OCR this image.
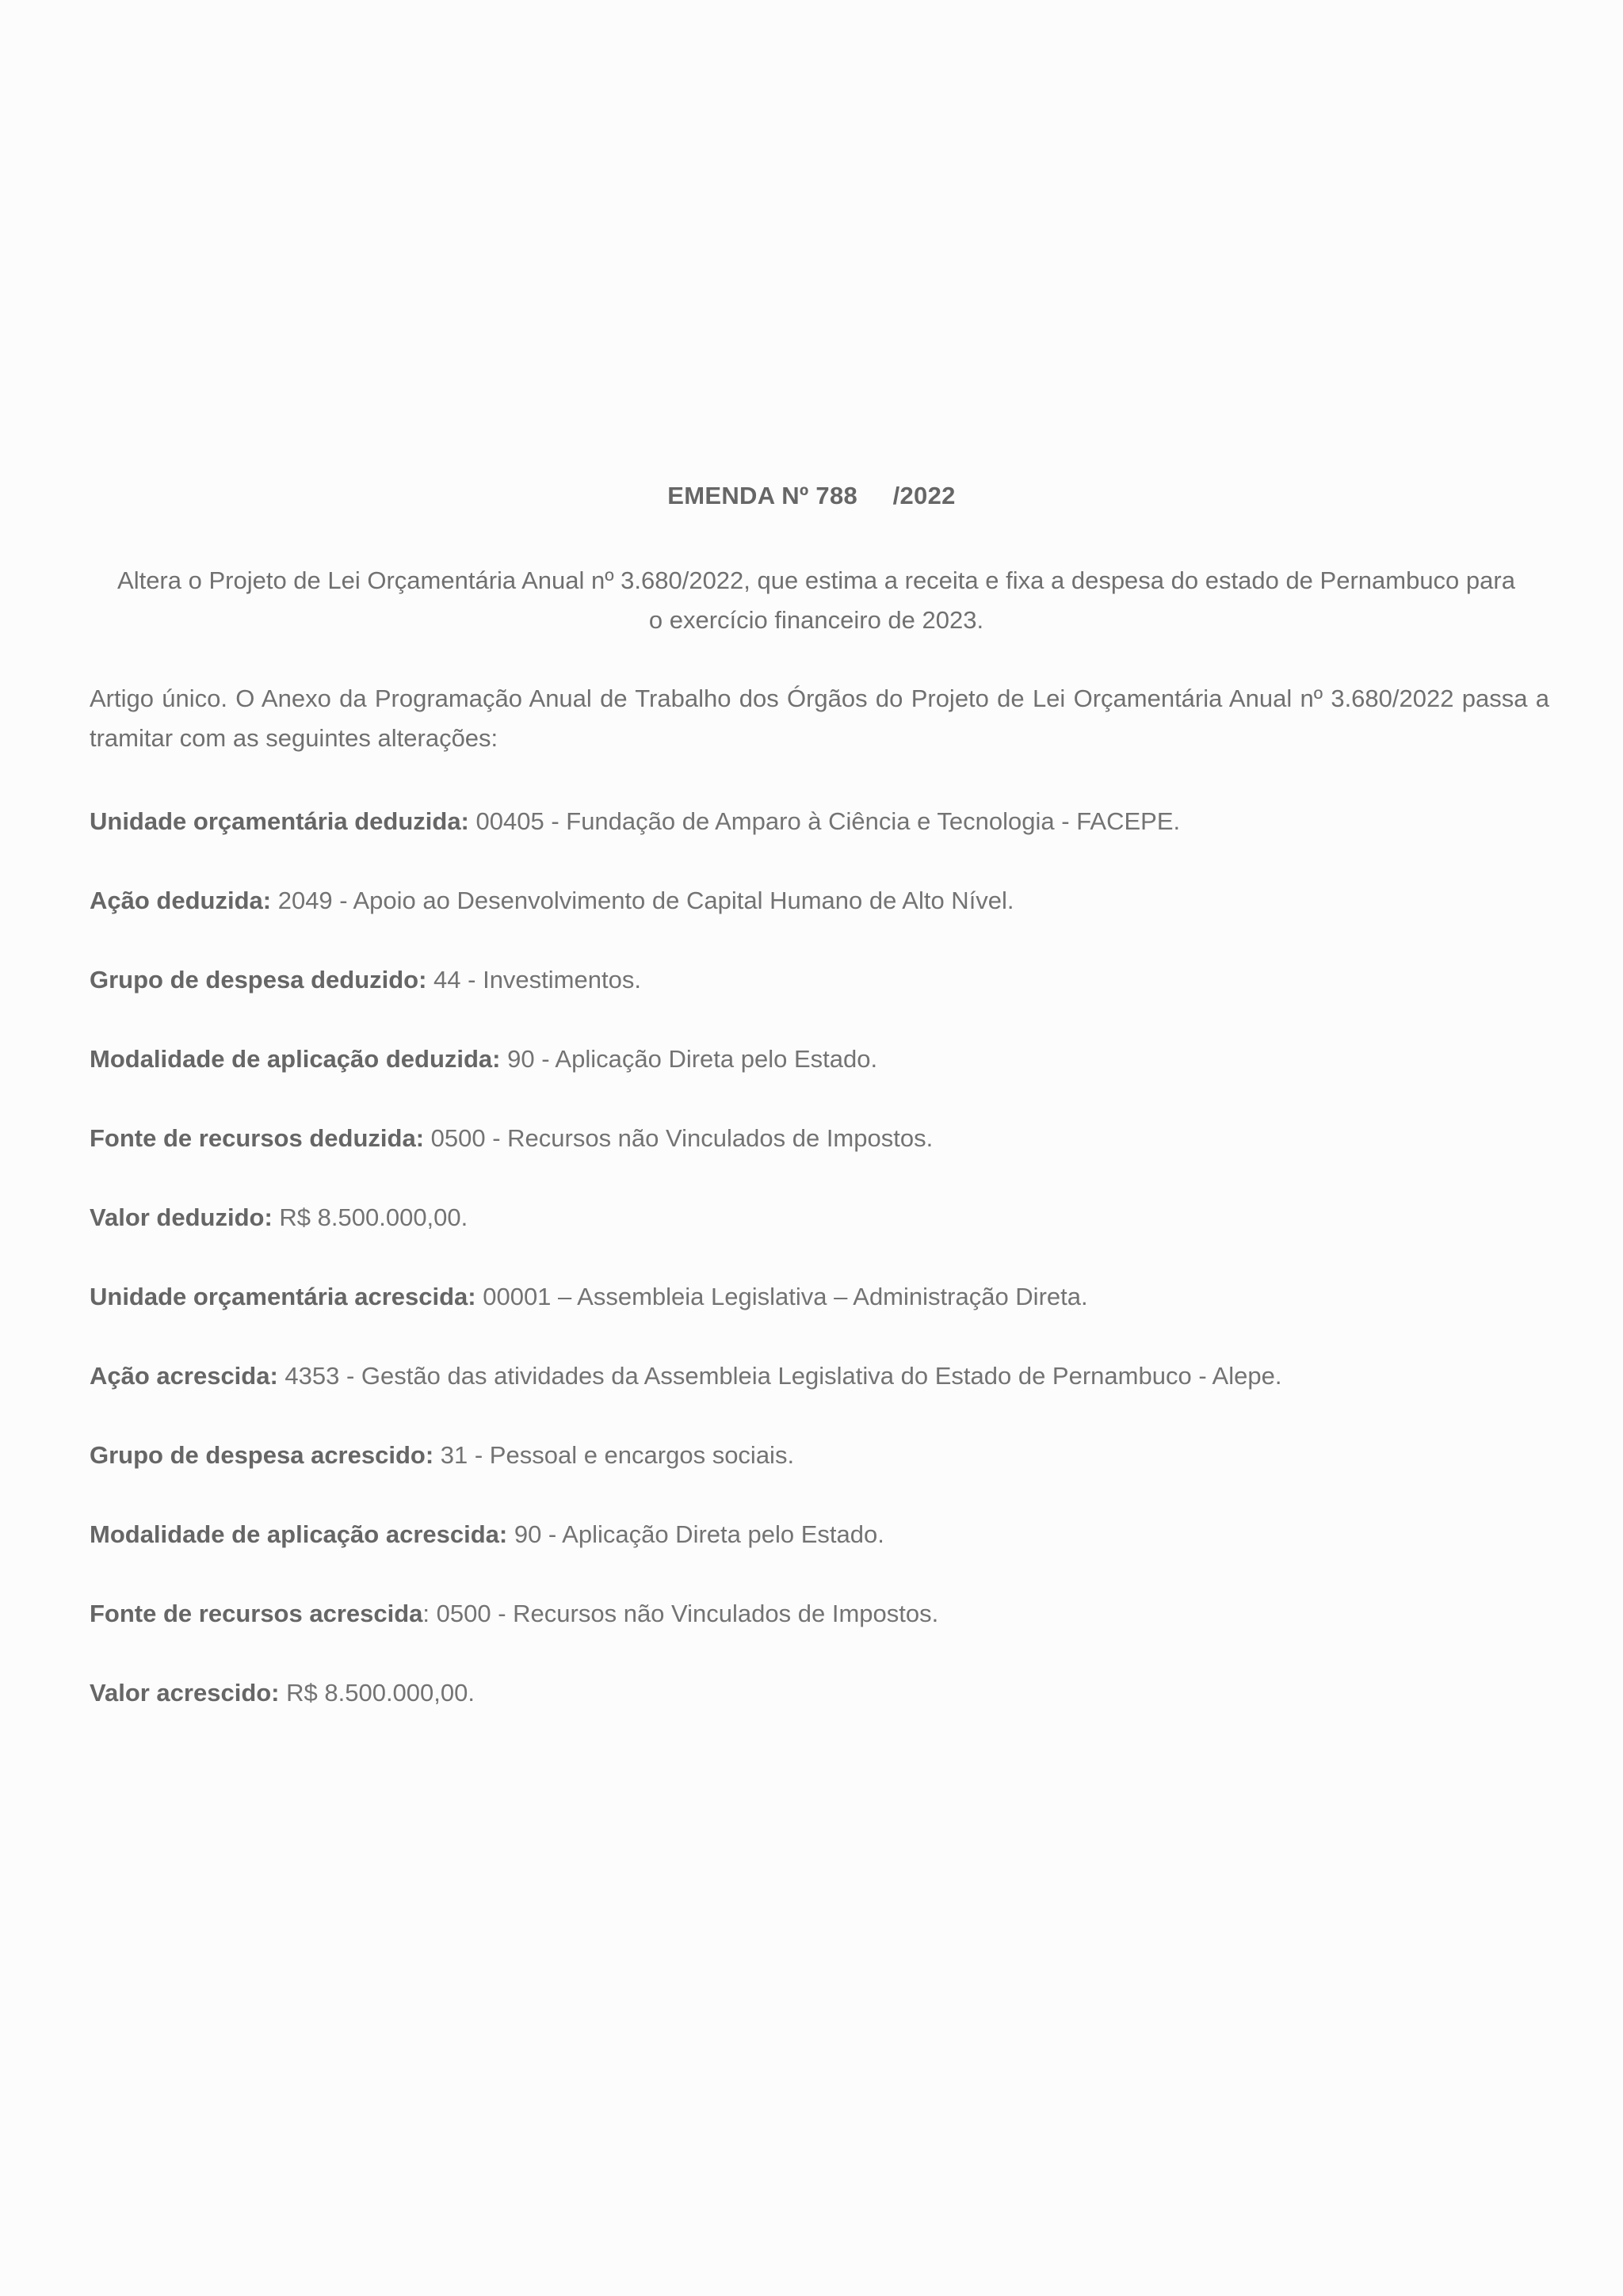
EMENDA Nº 788     /2022
Altera o Projeto de Lei Orçamentária Anual nº 3.680/2022, que estima a receita e fixa a despesa do estado de Pernambuco para o exercício financeiro de 2023.
Artigo único. O Anexo da Programação Anual de Trabalho dos Órgãos do Projeto de Lei Orçamentária Anual nº 3.680/2022 passa a tramitar com as seguintes alterações:
Unidade orçamentária deduzida: 00405 - Fundação de Amparo à Ciência e Tecnologia - FACEPE.
Ação deduzida: 2049 - Apoio ao Desenvolvimento de Capital Humano de Alto Nível.
Grupo de despesa deduzido: 44 - Investimentos.
Modalidade de aplicação deduzida: 90 - Aplicação Direta pelo Estado.
Fonte de recursos deduzida: 0500 - Recursos não Vinculados de Impostos.
Valor deduzido: R$ 8.500.000,00.
Unidade orçamentária acrescida: 00001 – Assembleia Legislativa – Administração Direta.
Ação acrescida: 4353 - Gestão das atividades da Assembleia Legislativa do Estado de Pernambuco - Alepe.
Grupo de despesa acrescido: 31 - Pessoal e encargos sociais.
Modalidade de aplicação acrescida: 90 - Aplicação Direta pelo Estado.
Fonte de recursos acrescida: 0500 - Recursos não Vinculados de Impostos.
Valor acrescido: R$ 8.500.000,00.
